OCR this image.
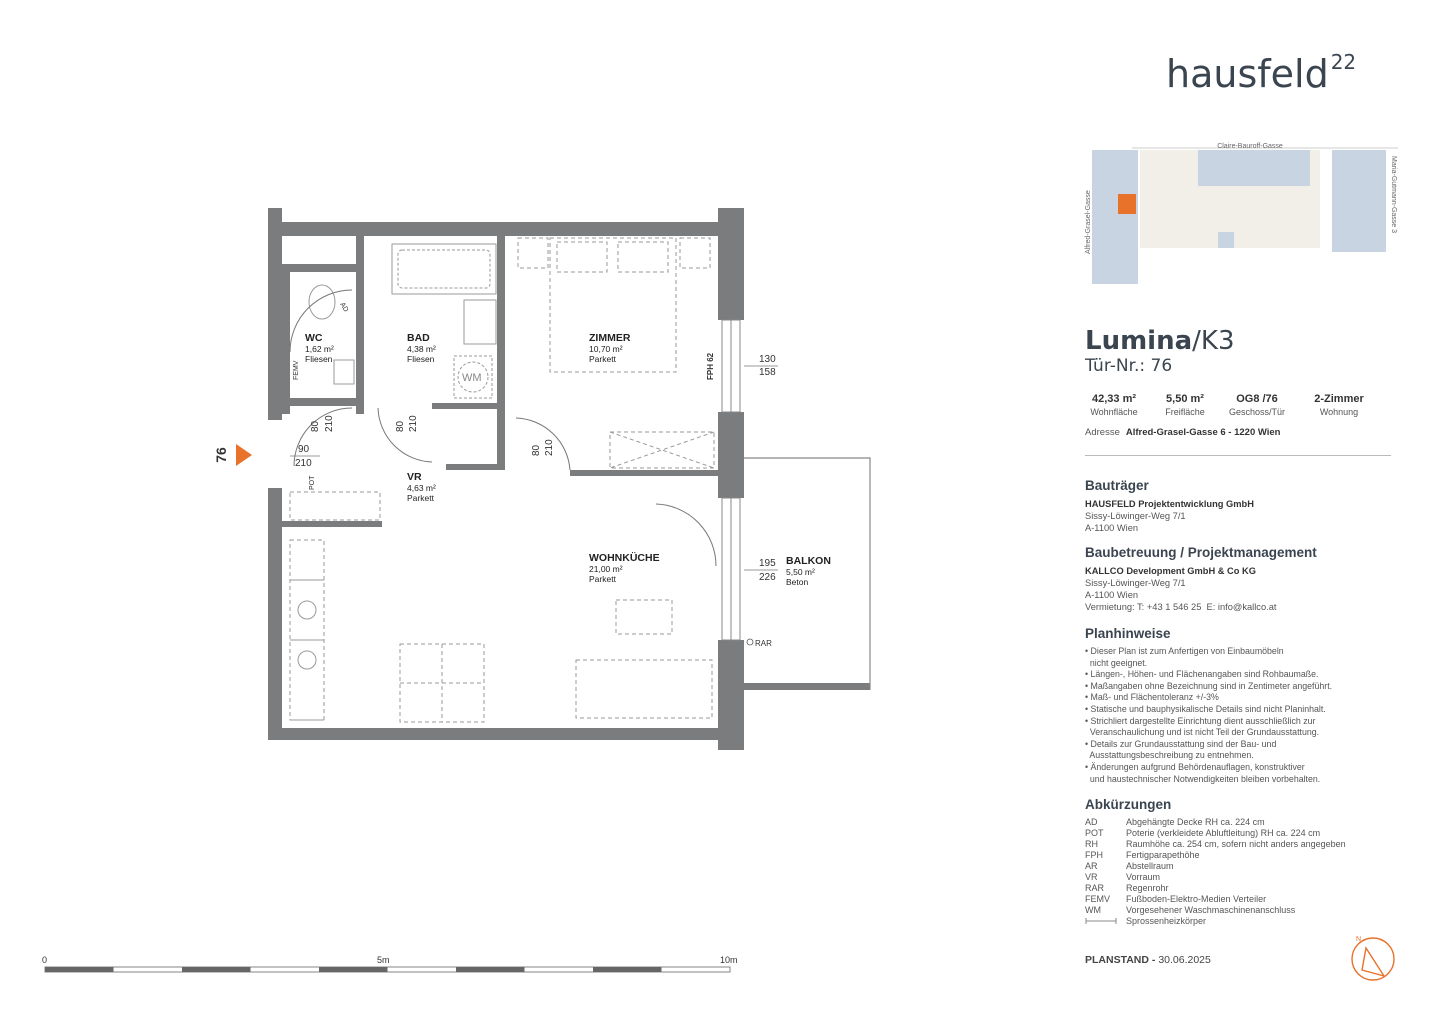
76
WC
1,62 m²
Fliesen
BAD
4,38 m²
Fliesen
ZIMMER
10,70 m²
Parkett
VR
4,63 m²
Parkett
WOHNKÜCHE
21,00 m²
Parkett
BALKON
5,50 m²
Beton
AD
FEMV	WM
POT
FPH 62
RAR
80 210	80 210
90
210
80 210
130
158
195
226
0	5m	10m
Claire-Bauroff-Gasse
Alfred-Grasel-Gasse	Maria-Gutmann-Gasse 3
hausfeld $^{22}$
Lumina/K3
Tür-Nr.: 76
42,33 m²
Wohnfläche
5,50 m²
Freifläche
OG8 /76
Geschoss/Tür
2-Zimmer
Wohnung
Adresse Alfred-Grasel-Gasse 6 - 1220 Wien
Bauträger
HAUSFELD Projektentwicklung GmbH
Sissy-Löwinger-Weg 7/1
A-1100 Wien
Baubetreuung / Projektmanagement
KALLCO Development GmbH & Co KG
Sissy-Löwinger-Weg 7/1
A-1100 Wien
Vermietung: T: +43 1 546 25  E: info@kallco.at
Planhinweise
• Dieser Plan ist zum Anfertigen von Einbaumöbeln
nicht geeignet.
• Längen-, Höhen- und Flächenangaben sind Rohbaumaße.
• Maßangaben ohne Bezeichnung sind in Zentimeter angeführt.
• Maß- und Flächentoleranz +/-3%
• Statische und bauphysikalische Details sind nicht Planinhalt.
• Strichliert dargestellte Einrichtung dient ausschließlich zur
Veranschaulichung und ist nicht Teil der Grundausstattung.
• Details zur Grundausstattung sind der Bau- und
Ausstattungsbeschreibung zu entnehmen.
• Änderungen aufgrund Behördenauflagen, konstruktiver
und haustechnischer Notwendigkeiten bleiben vorbehalten.
Abkürzungen
AD	Abgehängte Decke RH ca. 224 cm
POT	Poterie (verkleidete Abluftleitung) RH ca. 224 cm
RH	Raumhöhe ca. 254 cm, sofern nicht anders angegeben
FPH	Fertigparapethöhe
AR	Abstellraum
VR	Vorraum
RAR	Regenrohr
FEMV	Fußboden-Elektro-Medien Verteiler
WM	Vorgesehener Waschmaschinenanschluss
Sprossenheizkörper
PLANSTAND - 30.06.2025
N
